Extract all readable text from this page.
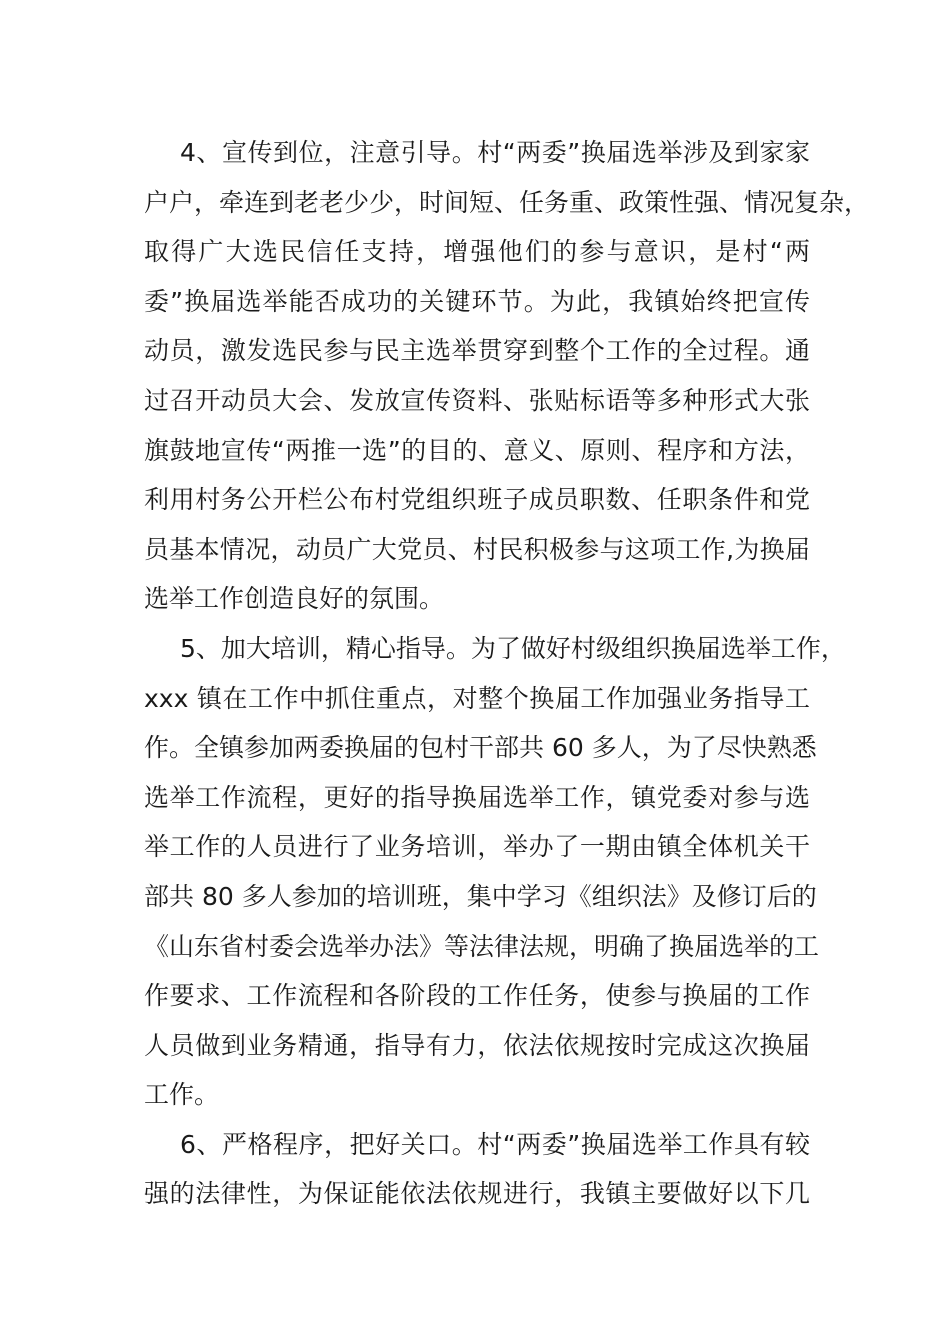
4、宣传到位，注意引导。村“两委”换届选举涉及到家家
户户，牵连到老老少少，时间短、任务重、政策性强、情况复杂，
取得广大选民信任支持，增强他们的参与意识，是村“两
委”换届选举能否成功的关键环节。为此，我镇始终把宣传
动员，激发选民参与民主选举贯穿到整个工作的全过程。通
过召开动员大会、发放宣传资料、张贴标语等多种形式大张
旗鼓地宣传“两推一选”的目的、意义、原则、程序和方法，
利用村务公开栏公布村党组织班子成员职数、任职条件和党
员基本情况，动员广大党员、村民积极参与这项工作,为换届
选举工作创造良好的氛围。
5、加大培训，精心指导。为了做好村级组织换届选举工作，
xxx 镇在工作中抓住重点，对整个换届工作加强业务指导工
作。全镇参加两委换届的包村干部共 60 多人，为了尽快熟悉
选举工作流程，更好的指导换届选举工作，镇党委对参与选
举工作的人员进行了业务培训，举办了一期由镇全体机关干
部共 80 多人参加的培训班，集中学习《组织法》及修订后的
《山东省村委会选举办法》等法律法规，明确了换届选举的工
作要求、工作流程和各阶段的工作任务，使参与换届的工作
人员做到业务精通，指导有力，依法依规按时完成这次换届
工作。
6、严格程序，把好关口。村“两委”换届选举工作具有较
强的法律性，为保证能依法依规进行，我镇主要做好以下几
